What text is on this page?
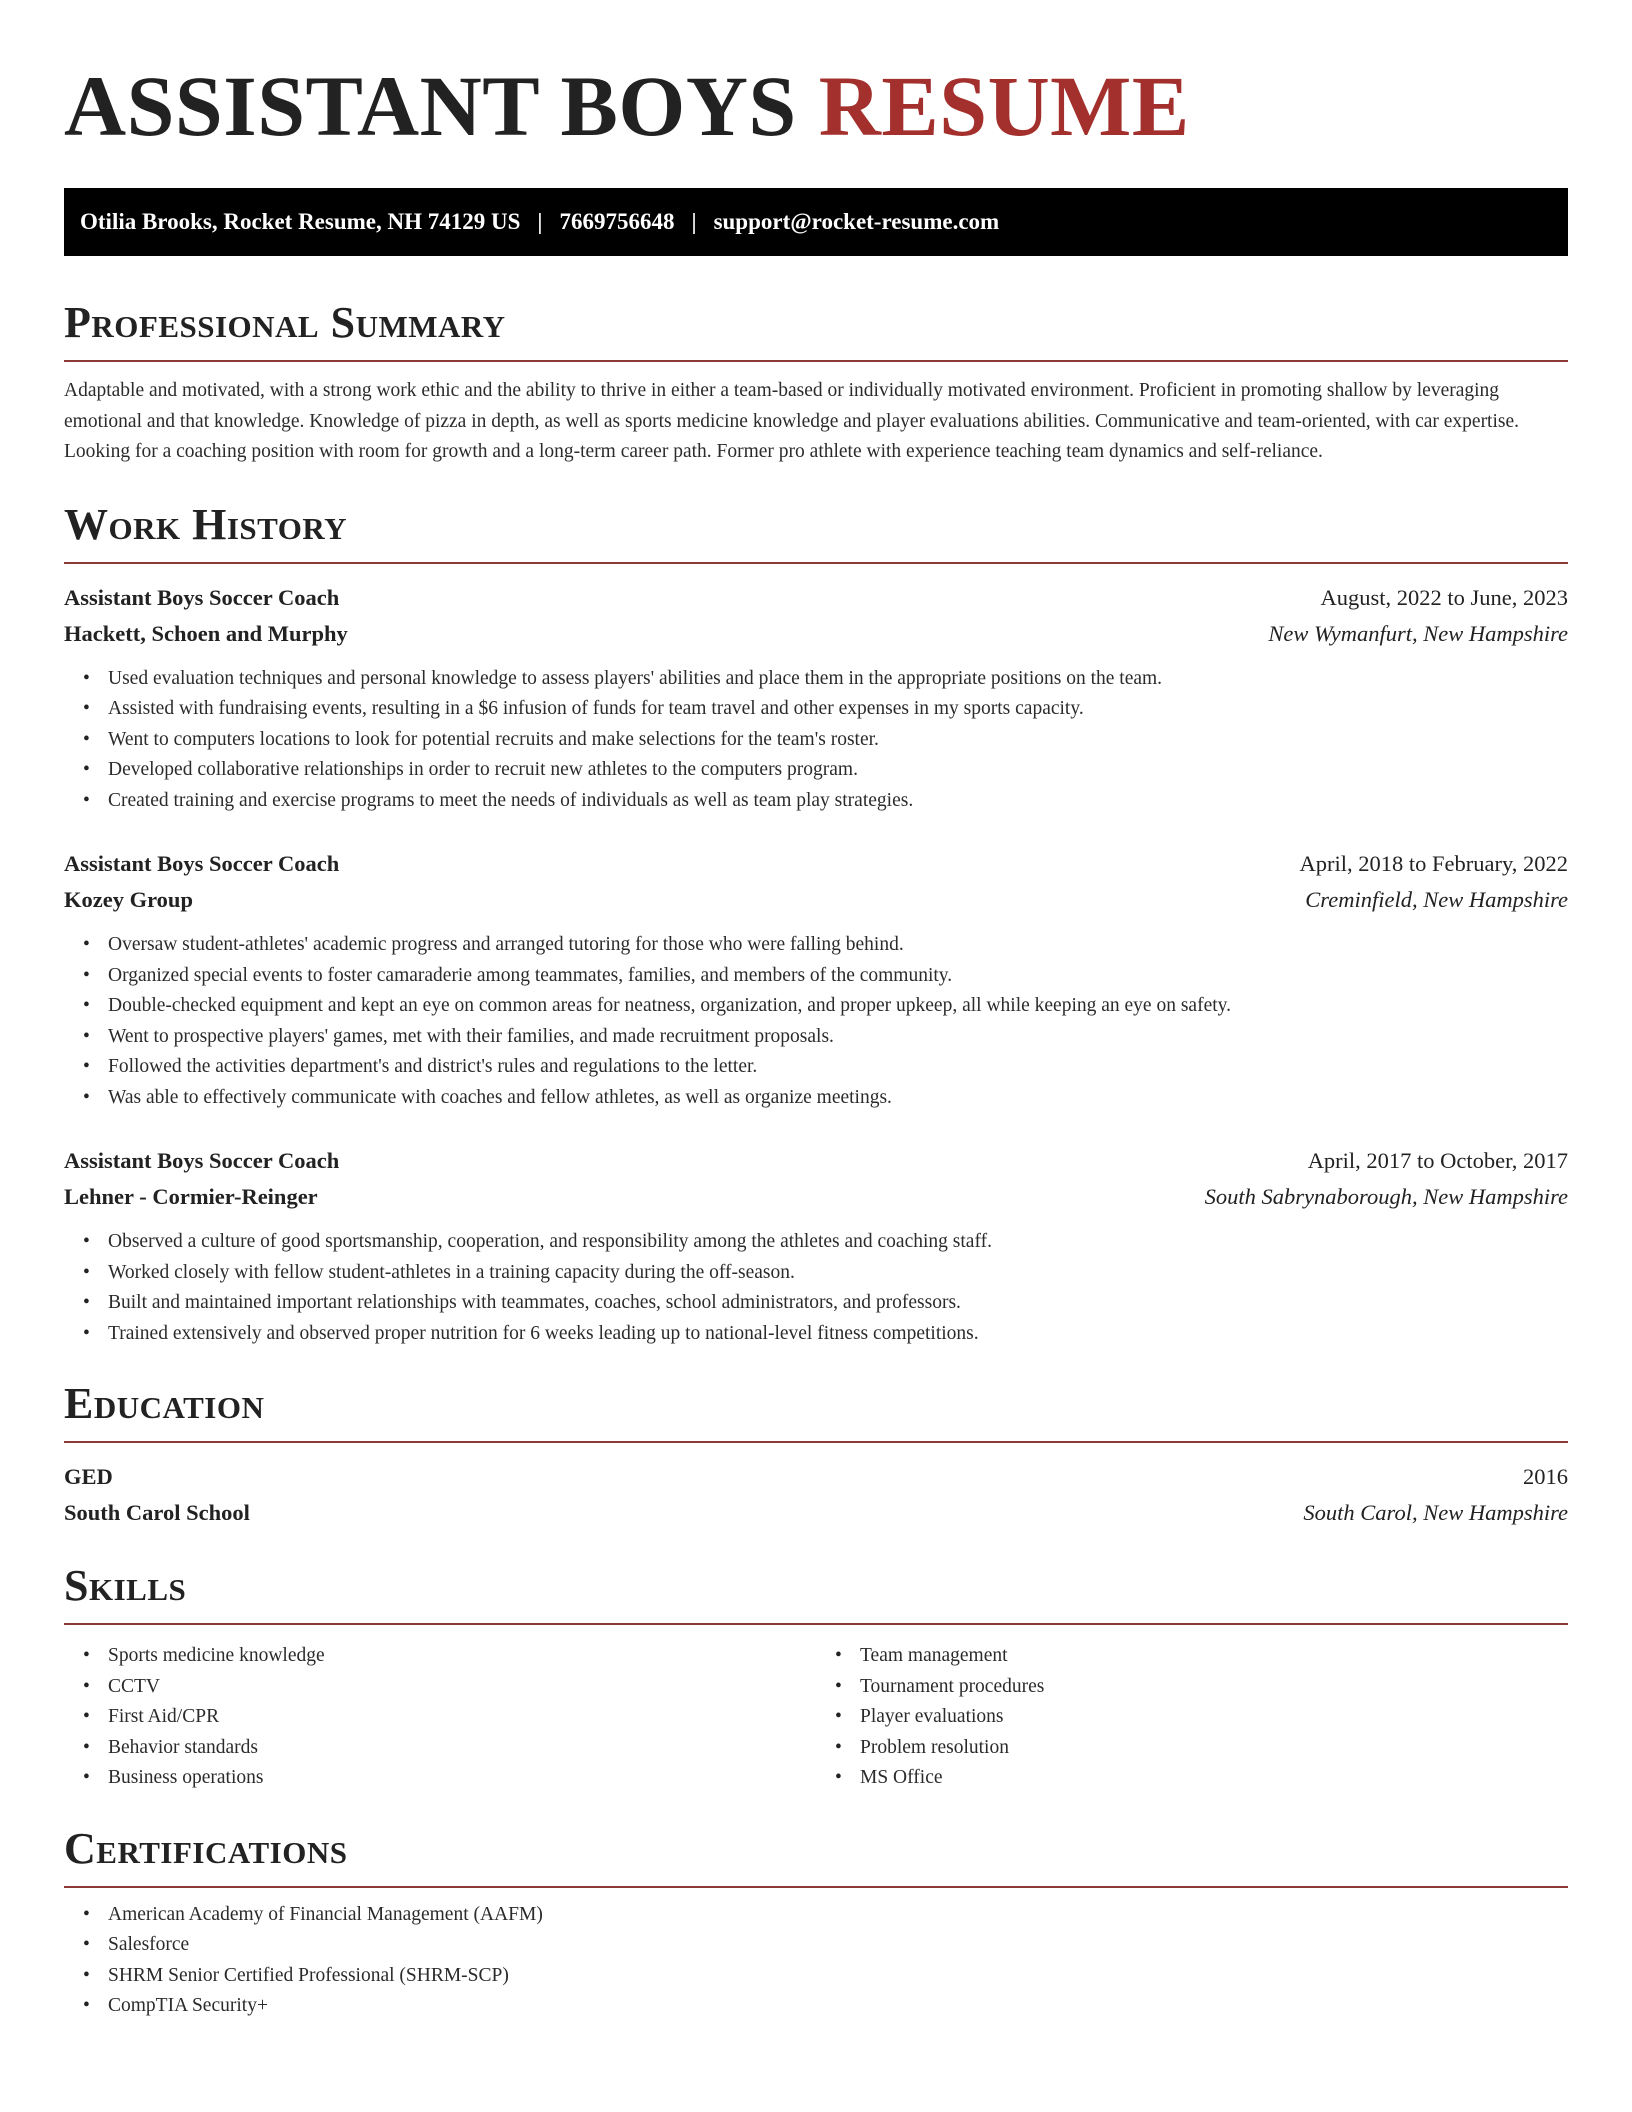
ASSISTANT BOYS RESUME
Otilia Brooks, Rocket Resume, NH 74129 US | 7669756648 | support@rocket-resume.com
Professional Summary

Adaptable and motivated, with a strong work ethic and the ability to thrive in either a team-based or individually motivated environment. Proficient in promoting shallow by leveraging emotional and that knowledge. Knowledge of pizza in depth, as well as sports medicine knowledge and player evaluations abilities. Communicative and team-oriented, with car expertise. Looking for a coaching position with room for growth and a long-term career path. Former pro athlete with experience teaching team dynamics and self-reliance.

Work History
Assistant Boys Soccer Coach	August, 2022 to June, 2023
Hackett, Schoen and Murphy	New Wymanfurt, New Hampshire
• Used evaluation techniques and personal knowledge to assess players' abilities and place them in the appropriate positions on the team.
• Assisted with fundraising events, resulting in a $6 infusion of funds for team travel and other expenses in my sports capacity.
• Went to computers locations to look for potential recruits and make selections for the team's roster.
• Developed collaborative relationships in order to recruit new athletes to the computers program.
• Created training and exercise programs to meet the needs of individuals as well as team play strategies.
Assistant Boys Soccer Coach	April, 2018 to February, 2022
Kozey Group	Creminfield, New Hampshire
• Oversaw student-athletes' academic progress and arranged tutoring for those who were falling behind.
• Organized special events to foster camaraderie among teammates, families, and members of the community.
• Double-checked equipment and kept an eye on common areas for neatness, organization, and proper upkeep, all while keeping an eye on safety.
• Went to prospective players' games, met with their families, and made recruitment proposals.
• Followed the activities department's and district's rules and regulations to the letter.
• Was able to effectively communicate with coaches and fellow athletes, as well as organize meetings.
Assistant Boys Soccer Coach	April, 2017 to October, 2017
Lehner - Cormier-Reinger	South Sabrynaborough, New Hampshire
• Observed a culture of good sportsmanship, cooperation, and responsibility among the athletes and coaching staff.
• Worked closely with fellow student-athletes in a training capacity during the off-season.
• Built and maintained important relationships with teammates, coaches, school administrators, and professors.
• Trained extensively and observed proper nutrition for 6 weeks leading up to national-level fitness competitions.
Education
GED	2016
South Carol School	South Carol, New Hampshire
Skills
• Sports medicine knowledge
• CCTV
• First Aid/CPR
• Behavior standards
• Business operations
• Team management
• Tournament procedures
• Player evaluations
• Problem resolution
• MS Office
Certifications
• American Academy of Financial Management (AAFM)
• Salesforce
• SHRM Senior Certified Professional (SHRM-SCP)
• CompTIA Security+
